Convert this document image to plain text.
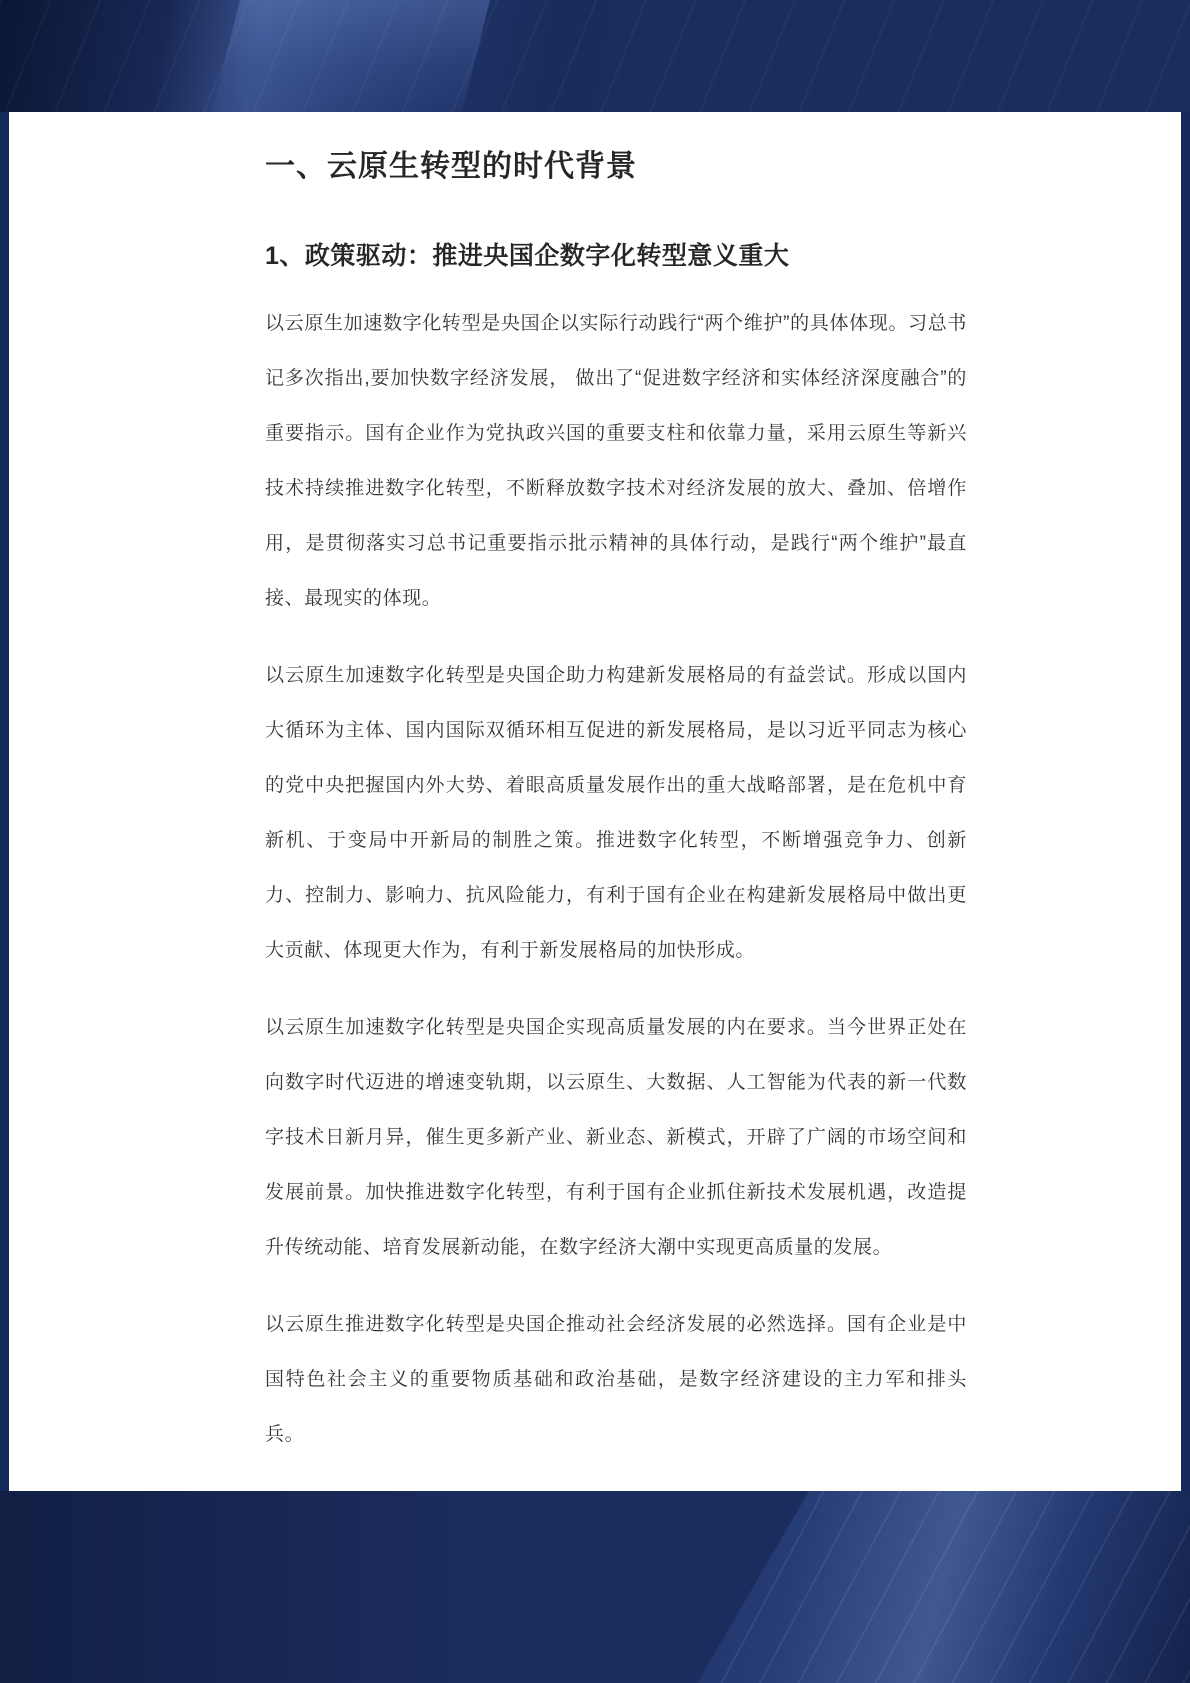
一、云原生转型的时代背景
1、政策驱动：推进央国企数字化转型意义重大

以云原生加速数字化转型是央国企以实际行动践行“两个维护”的具体体现。习总书记多次指出,要加快数字经济发展， 做出了“促进数字经济和实体经济深度融合”的重要指示。国有企业作为党执政兴国的重要支柱和依靠力量，采用云原生等新兴技术持续推进数字化转型，不断释放数字技术对经济发展的放大、叠加、倍增作用，是贯彻落实习总书记重要指示批示精神的具体行动，是践行“两个维护”最直接、最现实的体现。

以云原生加速数字化转型是央国企助力构建新发展格局的有益尝试。形成以国内大循环为主体、国内国际双循环相互促进的新发展格局，是以习近平同志为核心的党中央把握国内外大势、着眼高质量发展作出的重大战略部署，是在危机中育新机、于变局中开新局的制胜之策。推进数字化转型，不断增强竞争力、创新力、控制力、影响力、抗风险能力，有利于国有企业在构建新发展格局中做出更大贡献、体现更大作为，有利于新发展格局的加快形成。

以云原生加速数字化转型是央国企实现高质量发展的内在要求。当今世界正处在向数字时代迈进的增速变轨期，以云原生、大数据、人工智能为代表的新一代数字技术日新月异，催生更多新产业、新业态、新模式，开辟了广阔的市场空间和发展前景。加快推进数字化转型，有利于国有企业抓住新技术发展机遇，改造提升传统动能、培育发展新动能，在数字经济大潮中实现更高质量的发展。

以云原生推进数字化转型是央国企推动社会经济发展的必然选择。国有企业是中国特色社会主义的重要物质基础和政治基础，是数字经济建设的主力军和排头兵。
